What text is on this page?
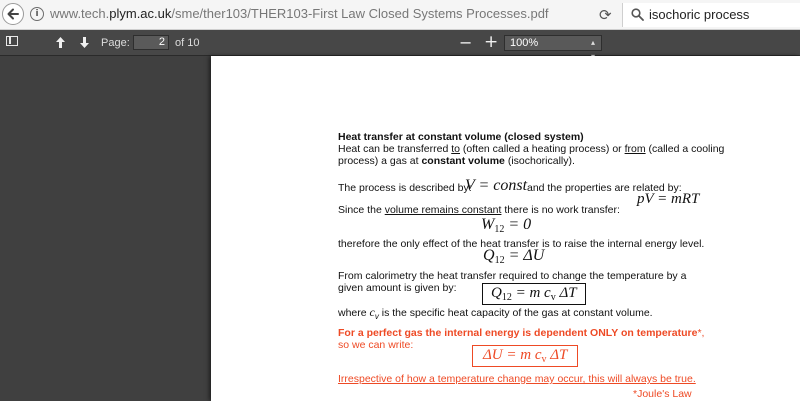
i www.tech.plym.ac.uk/sme/ther103/THER103-First Law Closed Systems Processes.pdf	⟳	isochoric process
Page:	2 of 10	− +	100%	▴

Heat transfer at constant volume (closed system)
Heat can be transferred to (often called a heating process) or from (called a cooling
process) a gas at constant volume (isochorically).
The process is described by:
V = const and the properties are related by:
pV = mRT
Since the volume remains constant there is no work transfer:
$W_{12} = 0$
therefore the only effect of the heat transfer is to raise the internal energy level.
$Q_{12} = \Delta U$
From calorimetry the heat transfer required to change the temperature by a
given amount is given by:	$Q_{12} = m$ $c_v$ ΔT
where $c_v$ is the specific heat capacity of the gas at constant volume.
For a perfect gas the internal energy is dependent ONLY on temperature*,
so we can write:
ΔU = m $c_v$ ΔT
Irrespective of how a temperature change may occur, this will always be true.
*Joule's Law
